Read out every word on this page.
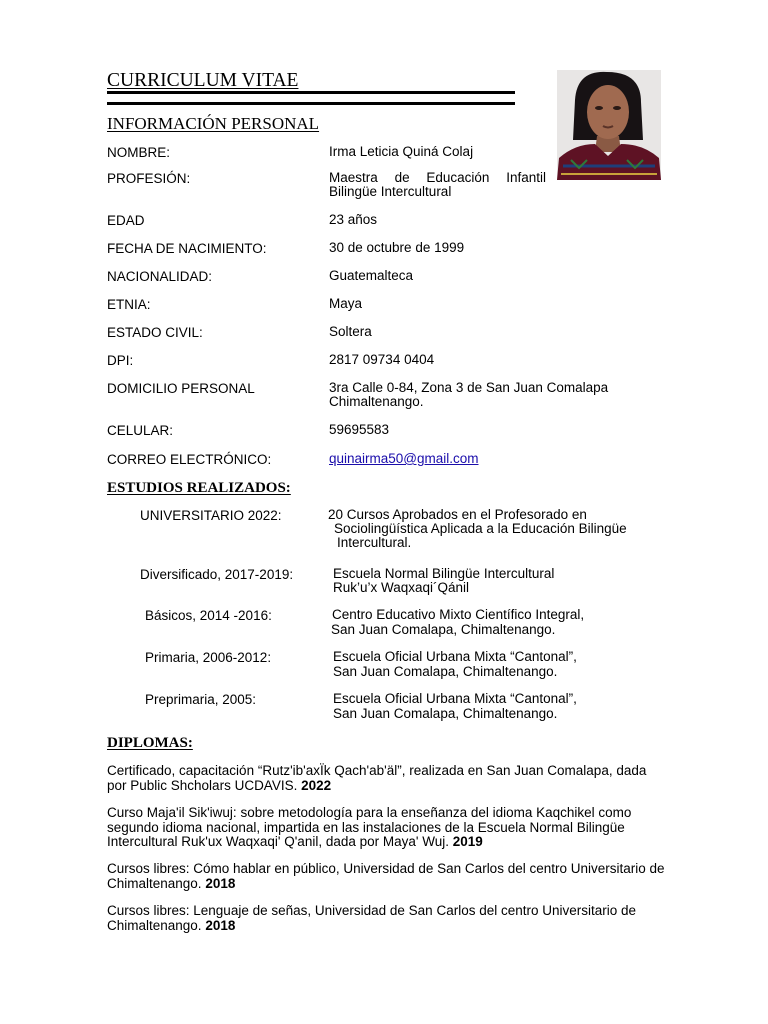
CURRICULUM VITAE
INFORMACIÓN PERSONAL
NOMBRE:	Irma Leticia Quiná Colaj
PROFESIÓN:	Maestra de Educación Infantil
Bilingüe Intercultural
EDAD	23 años
FECHA DE NACIMIENTO:	30 de octubre de 1999
NACIONALIDAD:	Guatemalteca
ETNIA:	Maya
ESTADO CIVIL:	Soltera
DPI:	2817 09734 0404
DOMICILIO PERSONAL	3ra Calle 0-84, Zona 3 de San Juan Comalapa
Chimaltenango.
CELULAR:	59695583
CORREO ELECTRÓNICO:	quinairma50@gmail.com
ESTUDIOS REALIZADOS:
UNIVERSITARIO 2022:	20 Cursos Aprobados en el Profesorado en
Sociolingüística Aplicada a la Educación Bilingüe
Intercultural.
Diversificado, 2017-2019:	Escuela Normal Bilingüe Intercultural
Ruk’u’x Waqxaqi´Qánil
Básicos, 2014 -2016:	Centro Educativo Mixto Científico Integral,
San Juan Comalapa, Chimaltenango.
Primaria, 2006-2012:	Escuela Oficial Urbana Mixta “Cantonal”,
San Juan Comalapa, Chimaltenango.
Preprimaria, 2005:	Escuela Oficial Urbana Mixta “Cantonal”,
San Juan Comalapa, Chimaltenango.
DIPLOMAS:
Certificado, capacitación “Rutz'ib'axÏk Qach'ab'äl”, realizada en San Juan Comalapa, dada por Public Shcholars UCDAVIS. 2022
Curso Maja'il Sik'iwuj: sobre metodología para la enseñanza del idioma Kaqchikel como segundo idioma nacional, impartida en las instalaciones de la Escuela Normal Bilingüe Intercultural Ruk'ux Waqxaqi' Q'anil, dada por Maya' Wuj. 2019
Cursos libres: Cómo hablar en público, Universidad de San Carlos del centro Universitario de Chimaltenango. 2018
Cursos libres: Lenguaje de señas, Universidad de San Carlos del centro Universitario de Chimaltenango. 2018
